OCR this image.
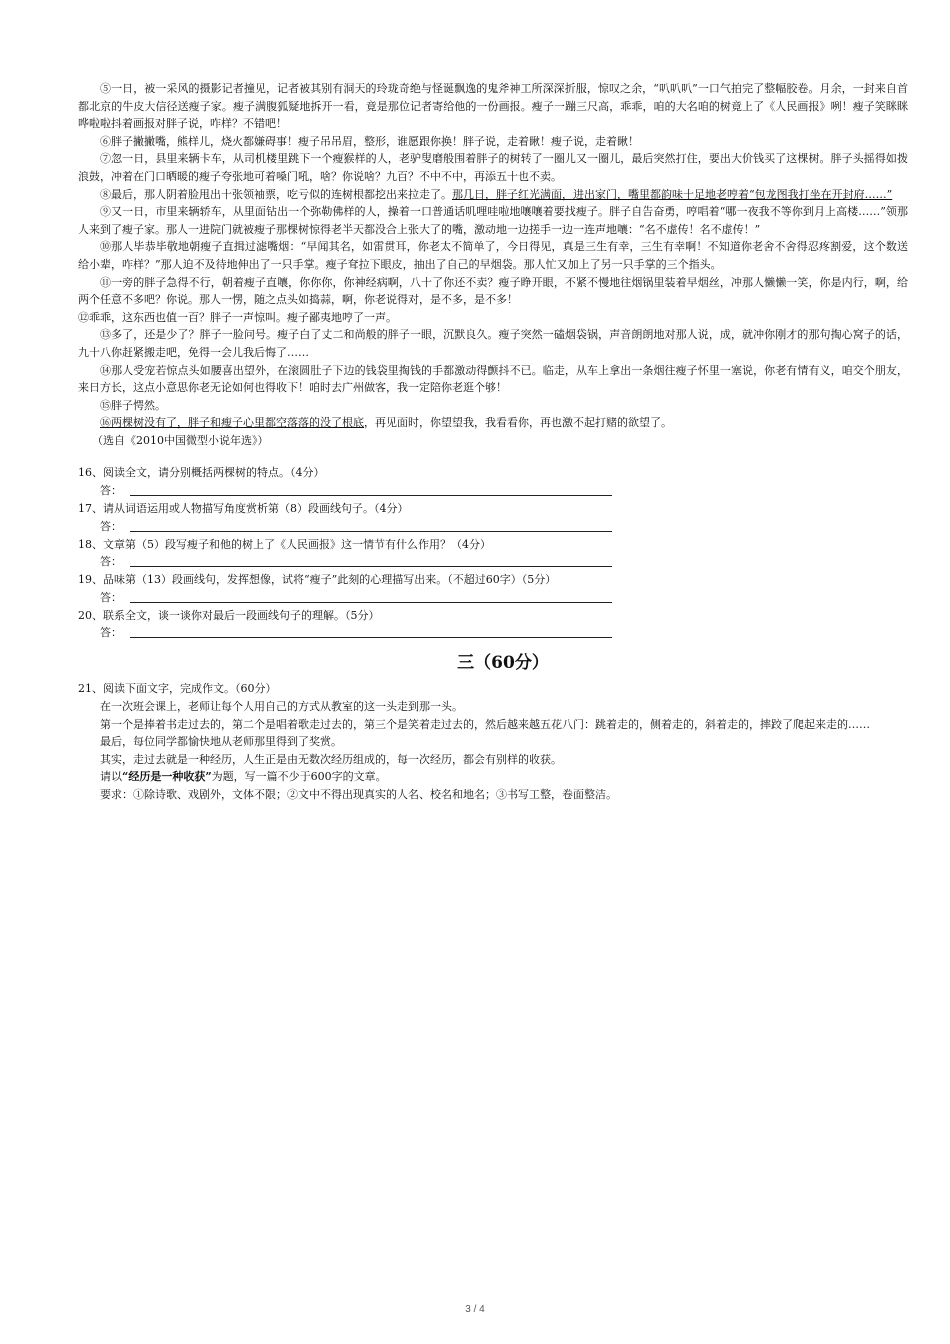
⑤一日，被一采风的摄影记者撞见，记者被其别有洞天的玲珑奇绝与怪诞飘逸的鬼斧神工所深深折服，惊叹之余，“叭叭叭”一口气拍完了整幅胶卷。月余，一封来自首都北京的牛皮大信径送瘦子家。瘦子满腹狐疑地拆开一看，竟是那位记者寄给他的一份画报。瘦子一蹦三尺高，乖乖，咱的大名咱的树竟上了《人民画报》咧！瘦子笑眯眯哗啦啦抖着画报对胖子说，咋样？不错吧！

⑥胖子撇撇嘴，熊样儿，烧火都嫌碍事！瘦子吊吊眉，整形，谁愿跟你换！胖子说，走着瞅！瘦子说，走着瞅！

⑦忽一日，县里来辆卡车，从司机楼里跳下一个瘦猴样的人，老驴叟磨般围着胖子的树转了一圈儿又一圈儿，最后突然打住，要出大价钱买了这棵树。胖子头摇得如拨浪鼓，冲着在门口晒暖的瘦子夸张地可着嗓门吼，啥？你说啥？九百？不中不中，再添五十也不卖。

⑧最后，那人阴着脸甩出十张领袖票，吃亏似的连树根都挖出来拉走了。那几日，胖子红光满面，进出家门，嘴里都韵味十足地老哼着“包龙图我打坐在开封府……”

⑨又一日，市里来辆轿车，从里面钻出一个弥勒佛样的人，操着一口普通话叽哩哇啦地嚷嚷着要找瘦子。胖子自告奋勇，哼唱着“哪一夜我不等你到月上高楼……”领那人来到了瘦子家。那人一进院门就被瘦子那棵树惊得老半天都没合上张大了的嘴，激动地一边搓手一边一连声地嚷：“名不虚传！名不虚传！”

⑩那人毕恭毕敬地朝瘦子直揖过滤嘴烟：“早闻其名，如雷贯耳，你老太不简单了，今日得见，真是三生有幸，三生有幸啊！不知道你老舍不舍得忍疼割爱，这个数送给小辈，咋样？”那人迫不及待地伸出了一只手掌。瘦子耷拉下眼皮，抽出了自己的早烟袋。那人忙又加上了另一只手掌的三个指头。

⑪一旁的胖子急得不行，朝着瘦子直嚷，你你你，你神经病啊，八十了你还不卖？瘦子睁开眼，不紧不慢地往烟锅里装着早烟丝，冲那人懒懒一笑，你是内行，啊，给两个任意不多吧？你说。那人一愣，随之点头如捣蒜，啊，你老说得对，是不多，是不多！

⑫乖乖，这东西也值一百？胖子一声惊叫。瘦子鄙夷地哼了一声。

⑬多了，还是少了？胖子一脸问号。瘦子白了丈二和尚般的胖子一眼，沉默良久。瘦子突然一磕烟袋锅，声音朗朗地对那人说，成，就冲你刚才的那句掏心窝子的话，九十八你赶紧搬走吧，免得一会儿我后悔了……

⑭那人受宠若惊点头如腰喜出望外，在滚圆肚子下边的钱袋里掏钱的手都激动得颤抖不已。临走，从车上拿出一条烟往瘦子怀里一塞说，你老有情有义，咱交个朋友，来日方长，这点小意思你老无论如何也得收下！咱时去广州做客，我一定陪你老逛个够！

⑮胖子愕然。

⑯两棵树没有了，胖子和瘦子心里都空落落的没了根底，再见面时，你望望我，我看看你，再也激不起打赌的欲望了。

（选自《2010中国微型小说年选》）

16、阅读全文，请分别概括两棵树的特点。（4分）

答：

17、请从词语运用或人物描写角度赏析第（8）段画线句子。（4分）

答：

18、文章第（5）段写瘦子和他的树上了《人民画报》这一情节有什么作用？（4分）

答：

19、品味第（13）段画线句，发挥想像，试将“瘦子”此刻的心理描写出来。（不超过60字）（5分）

答：

20、联系全文，谈一谈你对最后一段画线句子的理解。（5分）

答：
三（60分）

21、阅读下面文字，完成作文。（60分）

在一次班会课上，老师让每个人用自己的方式从教室的这一头走到那一头。

第一个是捧着书走过去的，第二个是唱着歌走过去的，第三个是笑着走过去的，然后越来越五花八门：跳着走的，侧着走的，斜着走的，摔跤了爬起来走的……

最后，每位同学都愉快地从老师那里得到了奖赏。

其实，走过去就是一种经历，人生正是由无数次经历组成的，每一次经历，都会有别样的收获。

请以“经历是一种收获”为题，写一篇不少于600字的文章。

要求：①除诗歌、戏剧外，文体不限；②文中不得出现真实的人名、校名和地名；③书写工整，卷面整洁。

3 / 4
